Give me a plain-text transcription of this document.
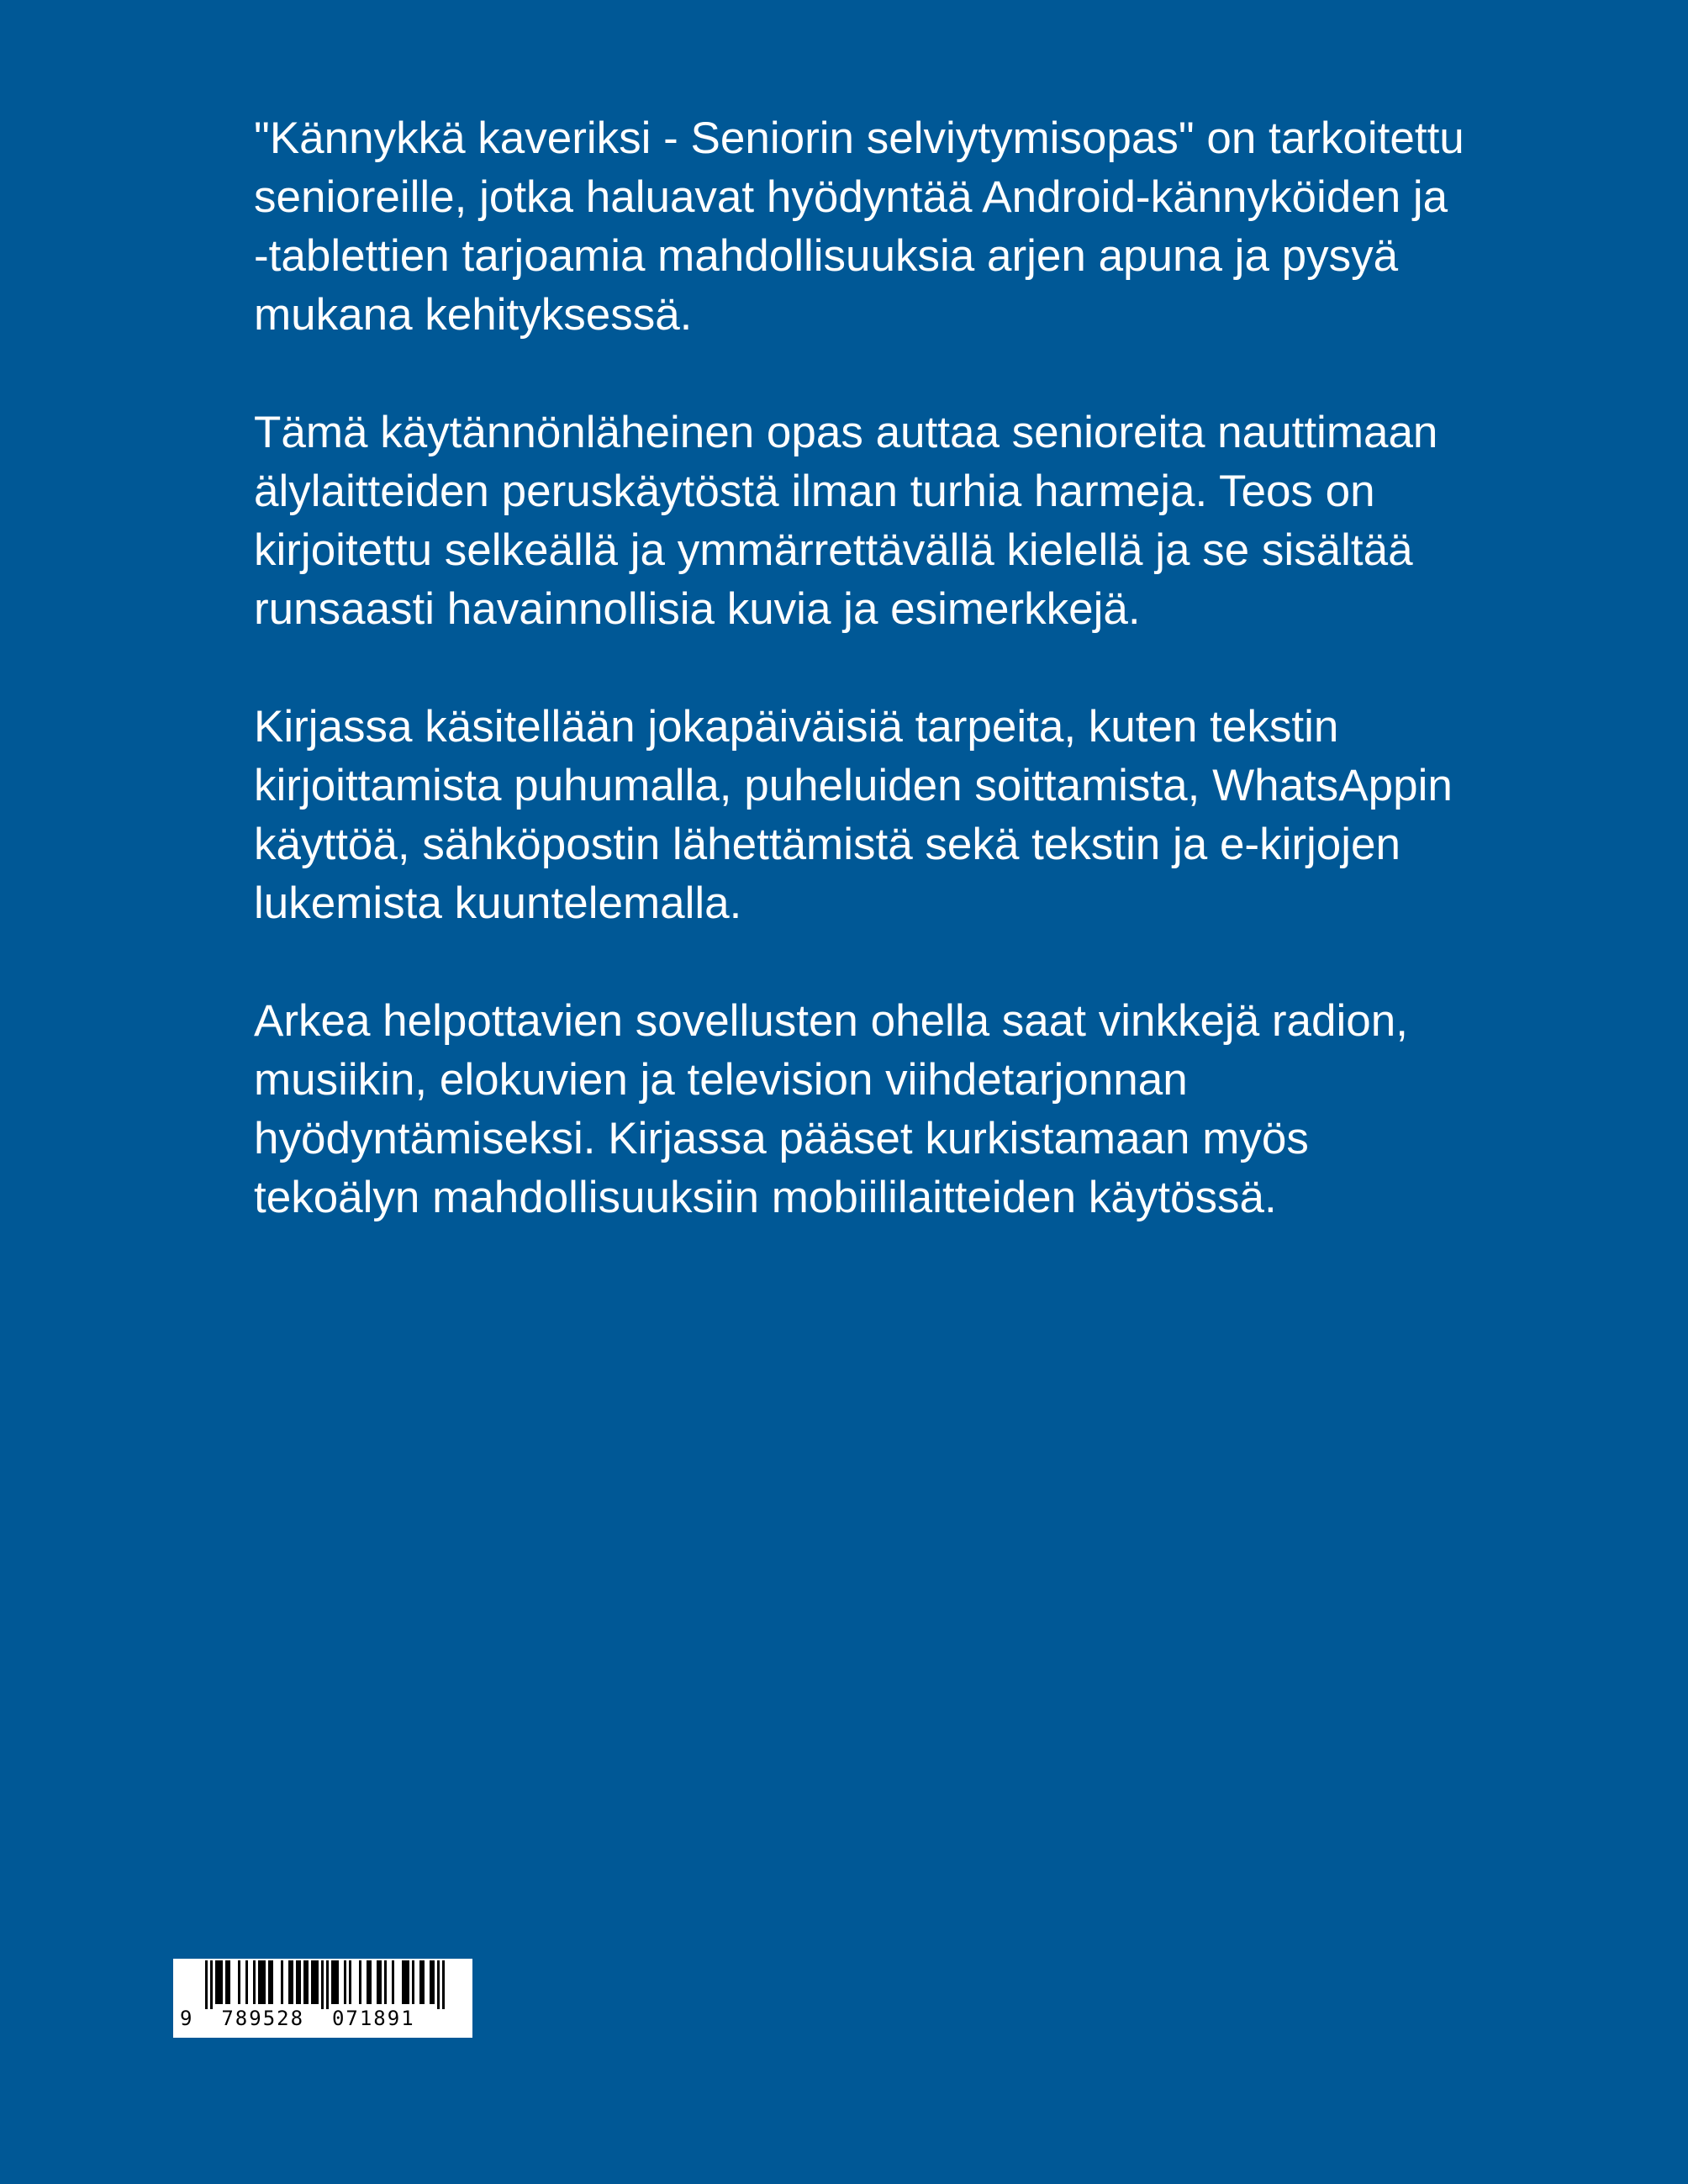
"Kännykkä kaveriksi - Seniorin selviytymisopas" on tarkoitettu senioreille, jotka haluavat hyödyntää Android-kännyköiden ja -tablettien tarjoamia mahdollisuuksia arjen apuna ja pysyä mukana kehityksessä.

Tämä käytännönläheinen opas auttaa senioreita nauttimaan älylaitteiden peruskäytöstä ilman turhia harmeja. Teos on kirjoitettu selkeällä ja ymmärrettävällä kielellä ja se sisältää runsaasti havainnollisia kuvia ja esimerkkejä.

Kirjassa käsitellään jokapäiväisiä tarpeita, kuten tekstin kirjoittamista puhumalla, puheluiden soittamista, WhatsAppin käyttöä, sähköpostin lähettämistä sekä tekstin ja e-kirjojen lukemista kuuntelemalla.

Arkea helpottavien sovellusten ohella saat vinkkejä radion, musiikin, elokuvien ja television viihdetarjonnan hyödyntämiseksi. Kirjassa pääset kurkistamaan myös tekoälyn mahdollisuuksiin mobiililaitteiden käytössä.

9  789528  071891
